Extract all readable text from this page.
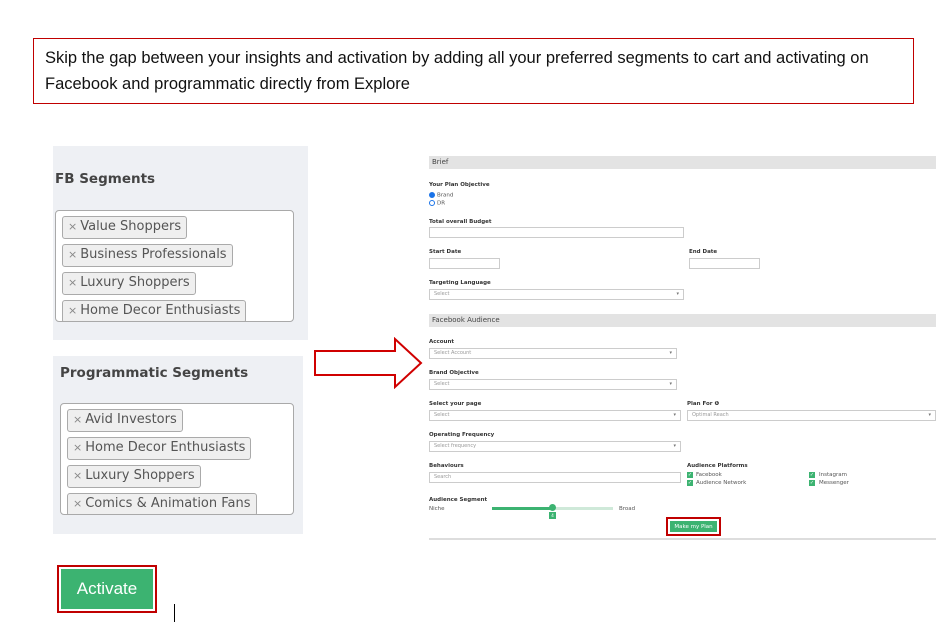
Skip the gap between your insights and activation by adding all your preferred segments to cart and activating on Facebook and programmatic directly from Explore
FB Segments
× Value Shoppers
× Business Professionals
× Luxury Shoppers
× Home Decor Enthusiasts
Programmatic Segments
× Avid Investors
× Home Decor Enthusiasts
× Luxury Shoppers
× Comics & Animation Fans
Activate
Brief
Your Plan Objective
Brand
DR
Total overall Budget
Start Date	End Date
Targeting Language
Select	▾
Facebook Audience
Account
Select Account	▾
Brand Objective
Select	▾
Select your page
Select	▾
Plan For ❶
Optimal Reach	▾
Operating Frequency
Select frequency	▾
Behaviours
Search
Audience Platforms
✓ Facebook
✓ Audience Network
✓ Instagram
✓ Messenger
Audience Segment
Niche
4
Broad
Make my Plan
